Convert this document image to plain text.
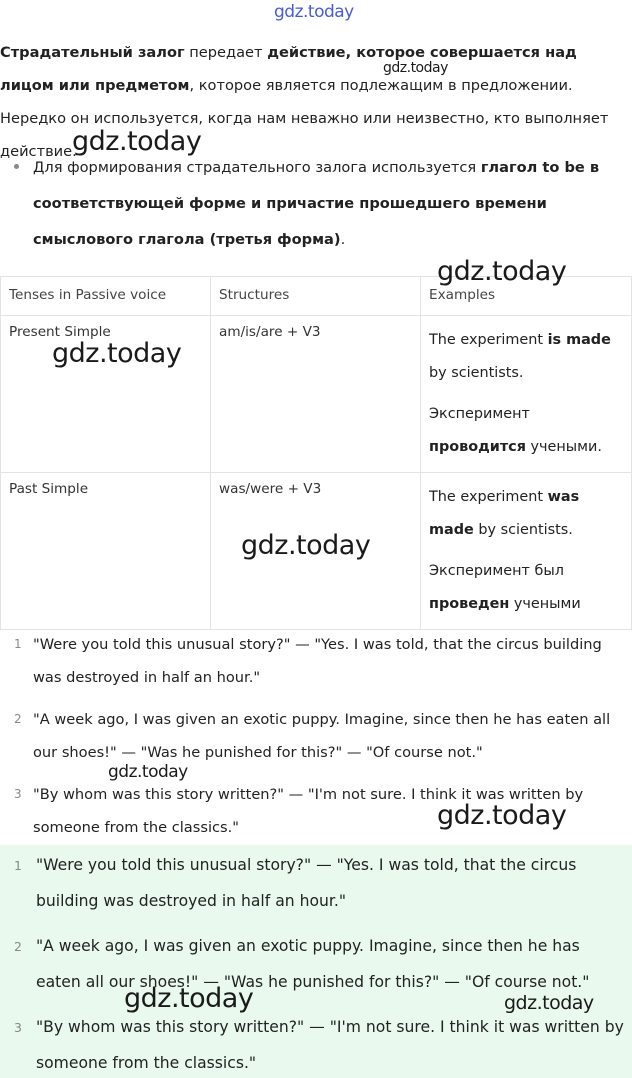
gdz.today

Страдательный залог передает действие, которое совершается над лицом или предметом, которое является подлежащим в предложении. Нередко он используется, когда нам неважно или неизвестно, кто выполняет действие.

Для формирования страдательного залога используется глагол to be в соответствующей форме и причастие прошедшего времени смыслового глагола (третья форма).

Tenses in Passive voice	Structures	Examples
Present Simple	am/is/are + V3	The experiment is made by scientists.
Эксперимент проводится учеными.

Past Simple	was/were + V3	The experiment was made by scientists.
Эксперимент был проведен учеными
1 "Were you told this unusual story?" — "Yes. I was told, that the circus building was destroyed in half an hour."
2 "A week ago, I was given an exotic puppy. Imagine, since then he has eaten all our shoes!" — "Was he punished for this?" — "Of course not."
3 "By whom was this story written?" — "I'm not sure. I think it was written by someone from the classics."
1 "Were you told this unusual story?" — "Yes. I was told, that the circus building was destroyed in half an hour."
2 "A week ago, I was given an exotic puppy. Imagine, since then he has eaten all our shoes!" — "Was he punished for this?" — "Of course not."
3 "By whom was this story written?" — "I'm not sure. I think it was written by someone from the classics."
gdz.today
gdz.today
gdz.today
gdz.today
gdz.today
gdz.today
gdz.today
gdz.today	gdz.today
